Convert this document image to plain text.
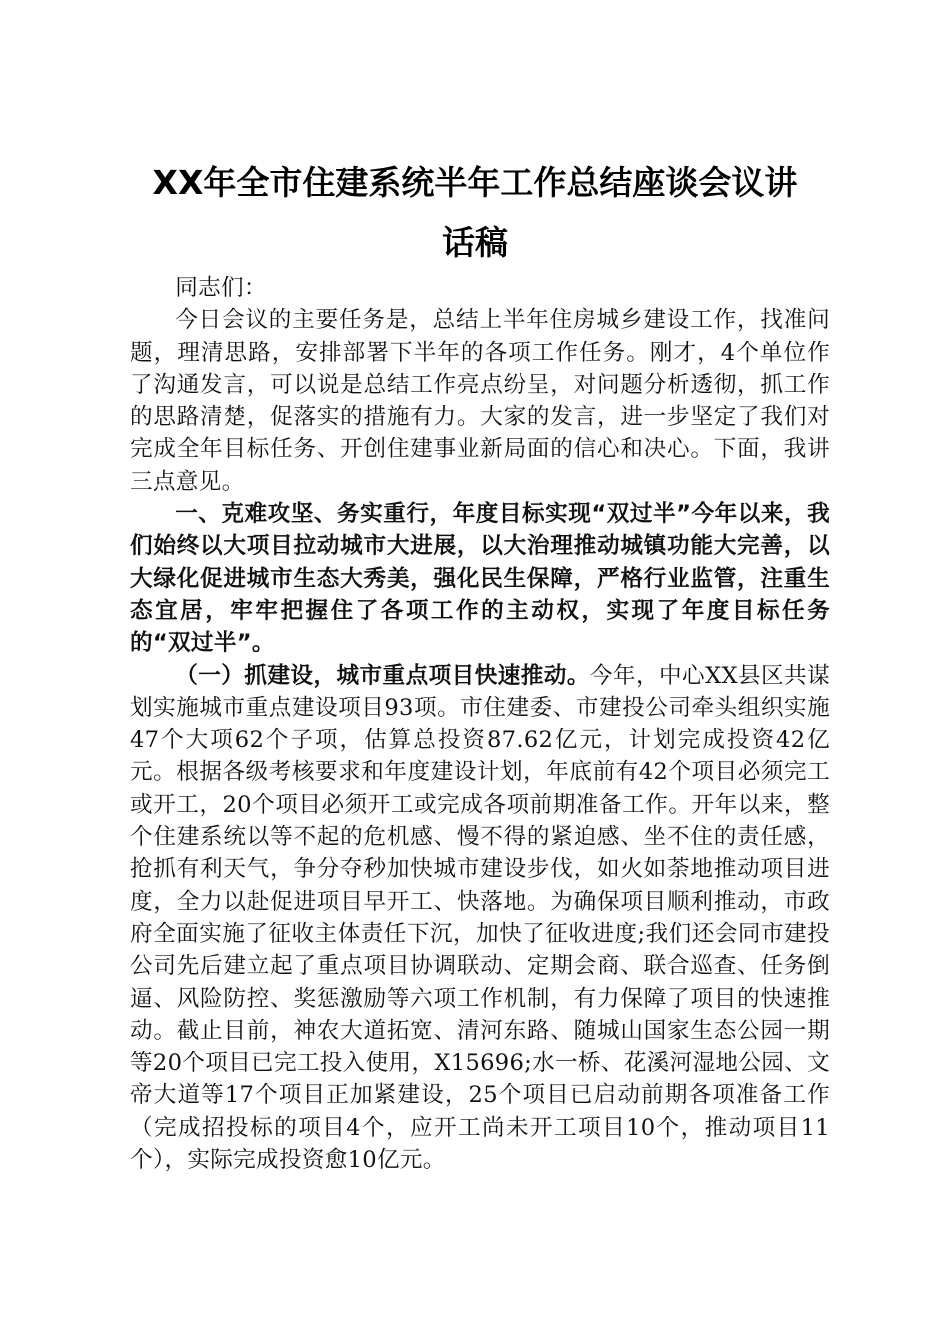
XX年全市住建系统半年工作总结座谈会议讲
话稿

同志们：

今日会议的主要任务是，总结上半年住房城乡建设工作，找准问题，理清思路，安排部署下半年的各项工作任务。刚才，4个单位作了沟通发言，可以说是总结工作亮点纷呈，对问题分析透彻，抓工作的思路清楚，促落实的措施有力。大家的发言，进一步坚定了我们对完成全年目标任务、开创住建事业新局面的信心和决心。下面，我讲三点意见。

一、克难攻坚、务实重行，年度目标实现“双过半”今年以来，我们始终以大项目拉动城市大进展，以大治理推动城镇功能大完善，以大绿化促进城市生态大秀美，强化民生保障，严格行业监管，注重生态宜居，牢牢把握住了各项工作的主动权，实现了年度目标任务的“双过半”。

（一）抓建设，城市重点项目快速推动。今年，中心XX县区共谋划实施城市重点建设项目93项。市住建委、市建投公司牵头组织实施47个大项62个子项，估算总投资87.62亿元，计划完成投资42亿元。根据各级考核要求和年度建设计划，年底前有42个项目必须完工或开工，20个项目必须开工或完成各项前期准备工作。开年以来，整个住建系统以等不起的危机感、慢不得的紧迫感、坐不住的责任感，抢抓有利天气，争分夺秒加快城市建设步伐，如火如荼地推动项目进度，全力以赴促进项目早开工、快落地。为确保项目顺利推动，市政府全面实施了征收主体责任下沉，加快了征收进度;我们还会同市建投公司先后建立起了重点项目协调联动、定期会商、联合巡查、任务倒逼、风险防控、奖惩激励等六项工作机制，有力保障了项目的快速推动。截止目前，神农大道拓宽、清河东路、随城山国家生态公园一期等20个项目已完工投入使用，X15696;水一桥、花溪河湿地公园、文帝大道等17个项目正加紧建设，25个项目已启动前期各项准备工作（完成招投标的项目4个，应开工尚未开工项目10个，推动项目11个），实际完成投资愈10亿元。
